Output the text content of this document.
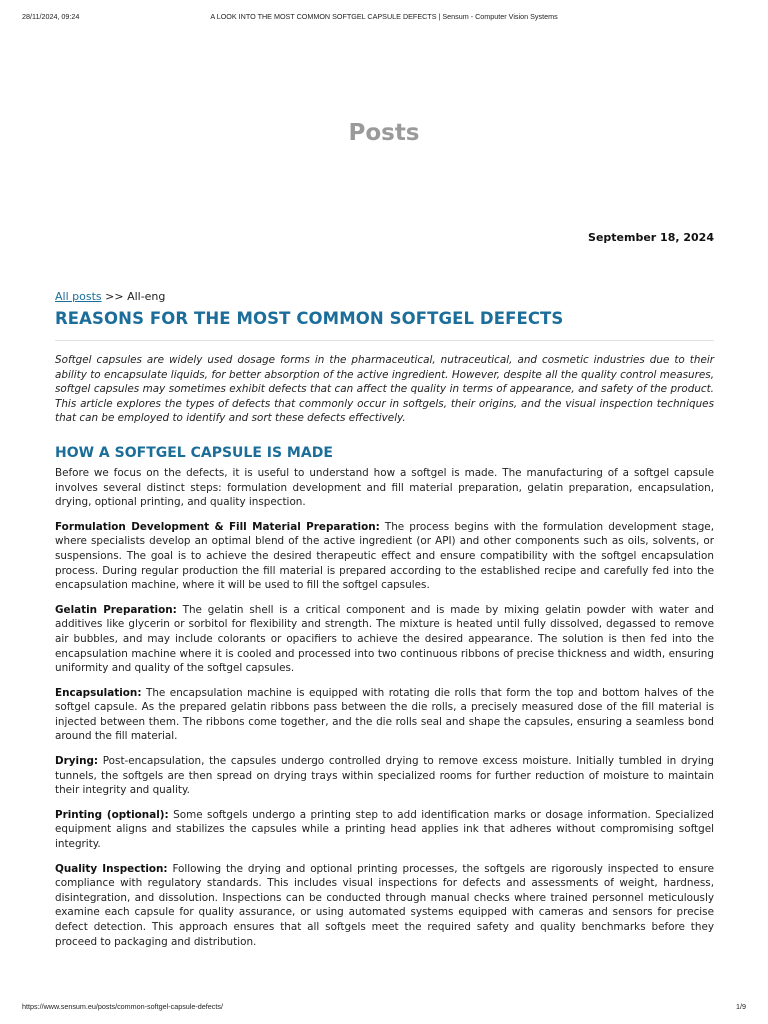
28/11/2024, 09:24	A LOOK INTO THE MOST COMMON SOFTGEL CAPSULE DEFECTS | Sensum - Computer Vision Systems
Posts
September 18, 2024
All posts >> All-eng
REASONS FOR THE MOST COMMON SOFTGEL DEFECTS

Softgel capsules are widely used dosage forms in the pharmaceutical, nutraceutical, and cosmetic industries due to their ability to encapsulate liquids, for better absorption of the active ingredient. However, despite all the quality control measures, softgel capsules may sometimes exhibit defects that can affect the quality in terms of appearance, and safety of the product. This article explores the types of defects that commonly occur in softgels, their origins, and the visual inspection techniques that can be employed to identify and sort these defects effectively.

HOW A SOFTGEL CAPSULE IS MADE

Before we focus on the defects, it is useful to understand how a softgel is made. The manufacturing of a softgel capsule involves several distinct steps: formulation development and fill material preparation, gelatin preparation, encapsulation, drying, optional printing, and quality inspection.

Formulation Development & Fill Material Preparation: The process begins with the formulation development stage, where specialists develop an optimal blend of the active ingredient (or API) and other components such as oils, solvents, or suspensions. The goal is to achieve the desired therapeutic effect and ensure compatibility with the softgel encapsulation process. During regular production the fill material is prepared according to the established recipe and carefully fed into the encapsulation machine, where it will be used to fill the softgel capsules.

Gelatin Preparation: The gelatin shell is a critical component and is made by mixing gelatin powder with water and additives like glycerin or sorbitol for flexibility and strength. The mixture is heated until fully dissolved, degassed to remove air bubbles, and may include colorants or opacifiers to achieve the desired appearance. The solution is then fed into the encapsulation machine where it is cooled and processed into two continuous ribbons of precise thickness and width, ensuring uniformity and quality of the softgel capsules.

Encapsulation: The encapsulation machine is equipped with rotating die rolls that form the top and bottom halves of the softgel capsule. As the prepared gelatin ribbons pass between the die rolls, a precisely measured dose of the fill material is injected between them. The ribbons come together, and the die rolls seal and shape the capsules, ensuring a seamless bond around the fill material.

Drying: Post-encapsulation, the capsules undergo controlled drying to remove excess moisture. Initially tumbled in drying tunnels, the softgels are then spread on drying trays within specialized rooms for further reduction of moisture to maintain their integrity and quality.

Printing (optional): Some softgels undergo a printing step to add identification marks or dosage information. Specialized equipment aligns and stabilizes the capsules while a printing head applies ink that adheres without compromising softgel integrity.

Quality Inspection: Following the drying and optional printing processes, the softgels are rigorously inspected to ensure compliance with regulatory standards. This includes visual inspections for defects and assessments of weight, hardness, disintegration, and dissolution. Inspections can be conducted through manual checks where trained personnel meticulously examine each capsule for quality assurance, or using automated systems equipped with cameras and sensors for precise defect detection. This approach ensures that all softgels meet the required safety and quality benchmarks before they proceed to packaging and distribution.

https://www.sensum.eu/posts/common-softgel-capsule-defects/	1/9
